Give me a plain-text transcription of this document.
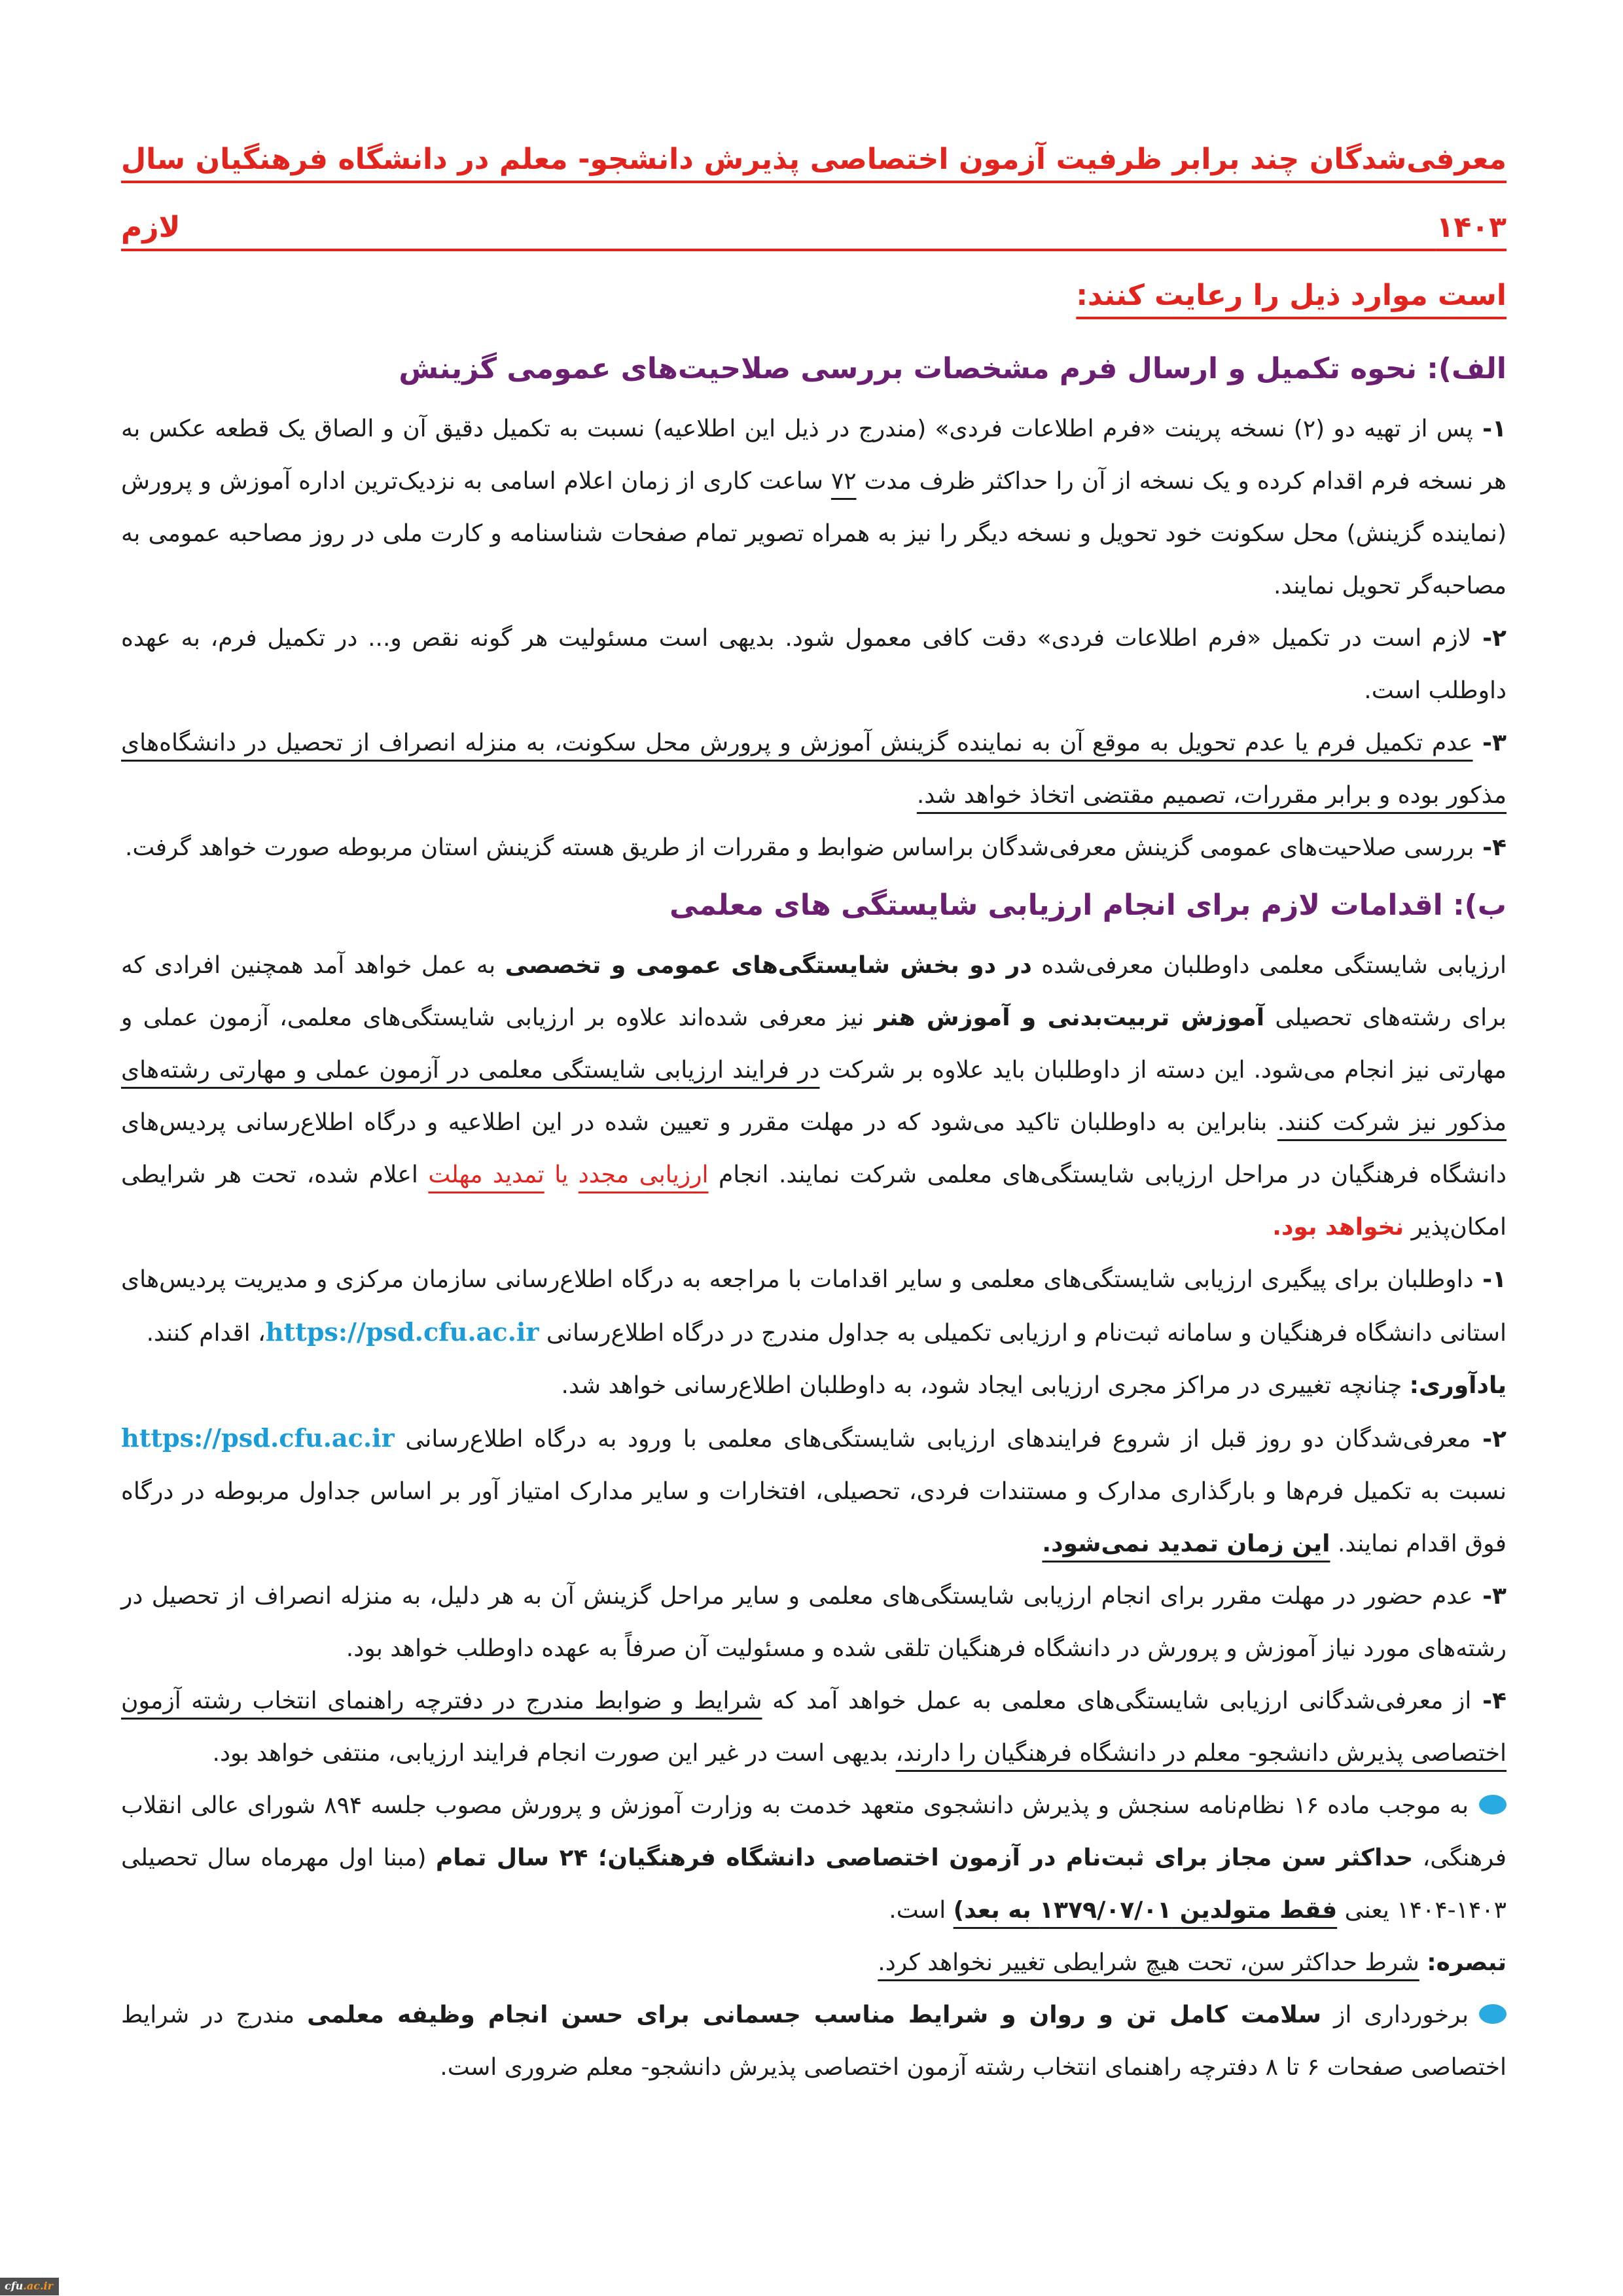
معرفی‌شدگان چند برابر ظرفیت آزمون اختصاصی پذیرش دانشجو- معلم در دانشگاه فرهنگیان سال ۱۴۰۳ لازم
است موارد ذیل را رعایت کنند:
الف): نحوه تکمیل و ارسال فرم مشخصات بررسی صلاحیت‌های عمومی گزینش

۱- پس از تهیه دو (۲) نسخه پرینت «فرم اطلاعات فردی» (مندرج در ذیل این اطلاعیه) نسبت به تکمیل دقیق آن و الصاق یک قطعه عکس به هر نسخه فرم اقدام کرده و یک نسخه از آن را حداکثر ظرف مدت ۷۲ ساعت کاری از زمان اعلام اسامی به نزدیک‌ترین اداره آموزش و پرورش (نماینده گزینش) محل سکونت خود تحویل و نسخه دیگر را نیز به همراه تصویر تمام صفحات شناسنامه و کارت ملی در روز مصاحبه عمومی به مصاحبه‌گر تحویل نمایند.

۲- لازم است در تکمیل «فرم اطلاعات فردی» دقت کافی معمول شود. بدیهی است مسئولیت هر گونه نقص و... در تکمیل فرم، به عهده داوطلب است.

۳- عدم تکمیل فرم یا عدم تحویل به موقع آن به نماینده گزینش آموزش و پرورش محل سکونت، به منزله انصراف از تحصیل در دانشگاه‌های مذکور بوده و برابر مقررات، تصمیم مقتضی اتخاذ خواهد شد.

۴- بررسی صلاحیت‌های عمومی گزینش معرفی‌شدگان براساس ضوابط و مقررات از طریق هسته گزینش استان مربوطه صورت خواهد گرفت.

ب): اقدامات لازم برای انجام ارزیابی شایستگی های معلمی

ارزیابی شایستگی معلمی داوطلبان معرفی‌شده در دو بخش شایستگی‌های عمومی و تخصصی به عمل خواهد آمد همچنین افرادی که برای رشته‌های تحصیلی آموزش تربیت‌بدنی و آموزش هنر نیز معرفی شده‌اند علاوه بر ارزیابی شایستگی‌های معلمی، آزمون عملی و مهارتی نیز انجام می‌شود. این دسته از داوطلبان باید علاوه بر شرکت در فرایند ارزیابی شایستگی معلمی در آزمون عملی و مهارتی رشته‌های مذکور نیز شرکت کنند. بنابراین به داوطلبان تاکید می‌شود که در مهلت مقرر و تعیین شده در این اطلاعیه و درگاه اطلاع‌رسانی پردیس‌های دانشگاه فرهنگیان در مراحل ارزیابی شایستگی‌های معلمی شرکت نمایند. انجام ارزیابی مجدد یا تمدید مهلت اعلام شده، تحت هر شرایطی امکان‌پذیر نخواهد بود.

۱- داوطلبان برای پیگیری ارزیابی شایستگی‌های معلمی و سایر اقدامات با مراجعه به درگاه اطلاع‌رسانی سازمان مرکزی و مدیریت پردیس‌های استانی دانشگاه فرهنگیان و سامانه ثبت‌نام و ارزیابی تکمیلی به جداول مندرج در درگاه اطلاع‌رسانی https://psd.cfu.ac.ir، اقدام کنند.

یادآوری: چنانچه تغییری در مراکز مجری ارزیابی ایجاد شود، به داوطلبان اطلاع‌رسانی خواهد شد.

۲- معرفی‌شدگان دو روز قبل از شروع فرایندهای ارزیابی شایستگی‌های معلمی با ورود به درگاه اطلاع‌رسانی https://psd.cfu.ac.ir نسبت به تکمیل فرم‌ها و بارگذاری مدارک و مستندات فردی، تحصیلی، افتخارات و سایر مدارک امتیاز آور بر اساس جداول مربوطه در درگاه فوق اقدام نمایند. این زمان تمدید نمی‌شود.

۳- عدم حضور در مهلت مقرر برای انجام ارزیابی شایستگی‌های معلمی و سایر مراحل گزینش آن به هر دلیل، به منزله انصراف از تحصیل در رشته‌های مورد نیاز آموزش و پرورش در دانشگاه فرهنگیان تلقی شده و مسئولیت آن صرفاً به عهده داوطلب خواهد بود.

۴- از معرفی‌شدگانی ارزیابی شایستگی‌های معلمی به عمل خواهد آمد که شرایط و ضوابط مندرج در دفترچه راهنمای انتخاب رشته آزمون اختصاصی پذیرش دانشجو- معلم در دانشگاه فرهنگیان را دارند، بدیهی است در غیر این صورت انجام فرایند ارزیابی، منتفی خواهد بود.

به موجب ماده ۱۶ نظام‌نامه سنجش و پذیرش دانشجوی متعهد خدمت به وزارت آموزش و پرورش مصوب جلسه ۸۹۴ شورای عالی انقلاب فرهنگی، حداکثر سن مجاز برای ثبت‌نام در آزمون اختصاصی دانشگاه فرهنگیان؛ ۲۴ سال تمام (مبنا اول مهرماه سال تحصیلی ۱۴۰۳-۱۴۰۴ یعنی فقط متولدین ۱۳۷۹/۰۷/۰۱ به بعد) است.

تبصره: شرط حداکثر سن، تحت هیچ شرایطی تغییر نخواهد کرد.

برخورداری از سلامت کامل تن و روان و شرایط مناسب جسمانی برای حسن انجام وظیفه معلمی مندرج در شرایط اختصاصی صفحات ۶ تا ۸ دفترچه راهنمای انتخاب رشته آزمون اختصاصی پذیرش دانشجو- معلم ضروری است.

cfu.ac.ir
